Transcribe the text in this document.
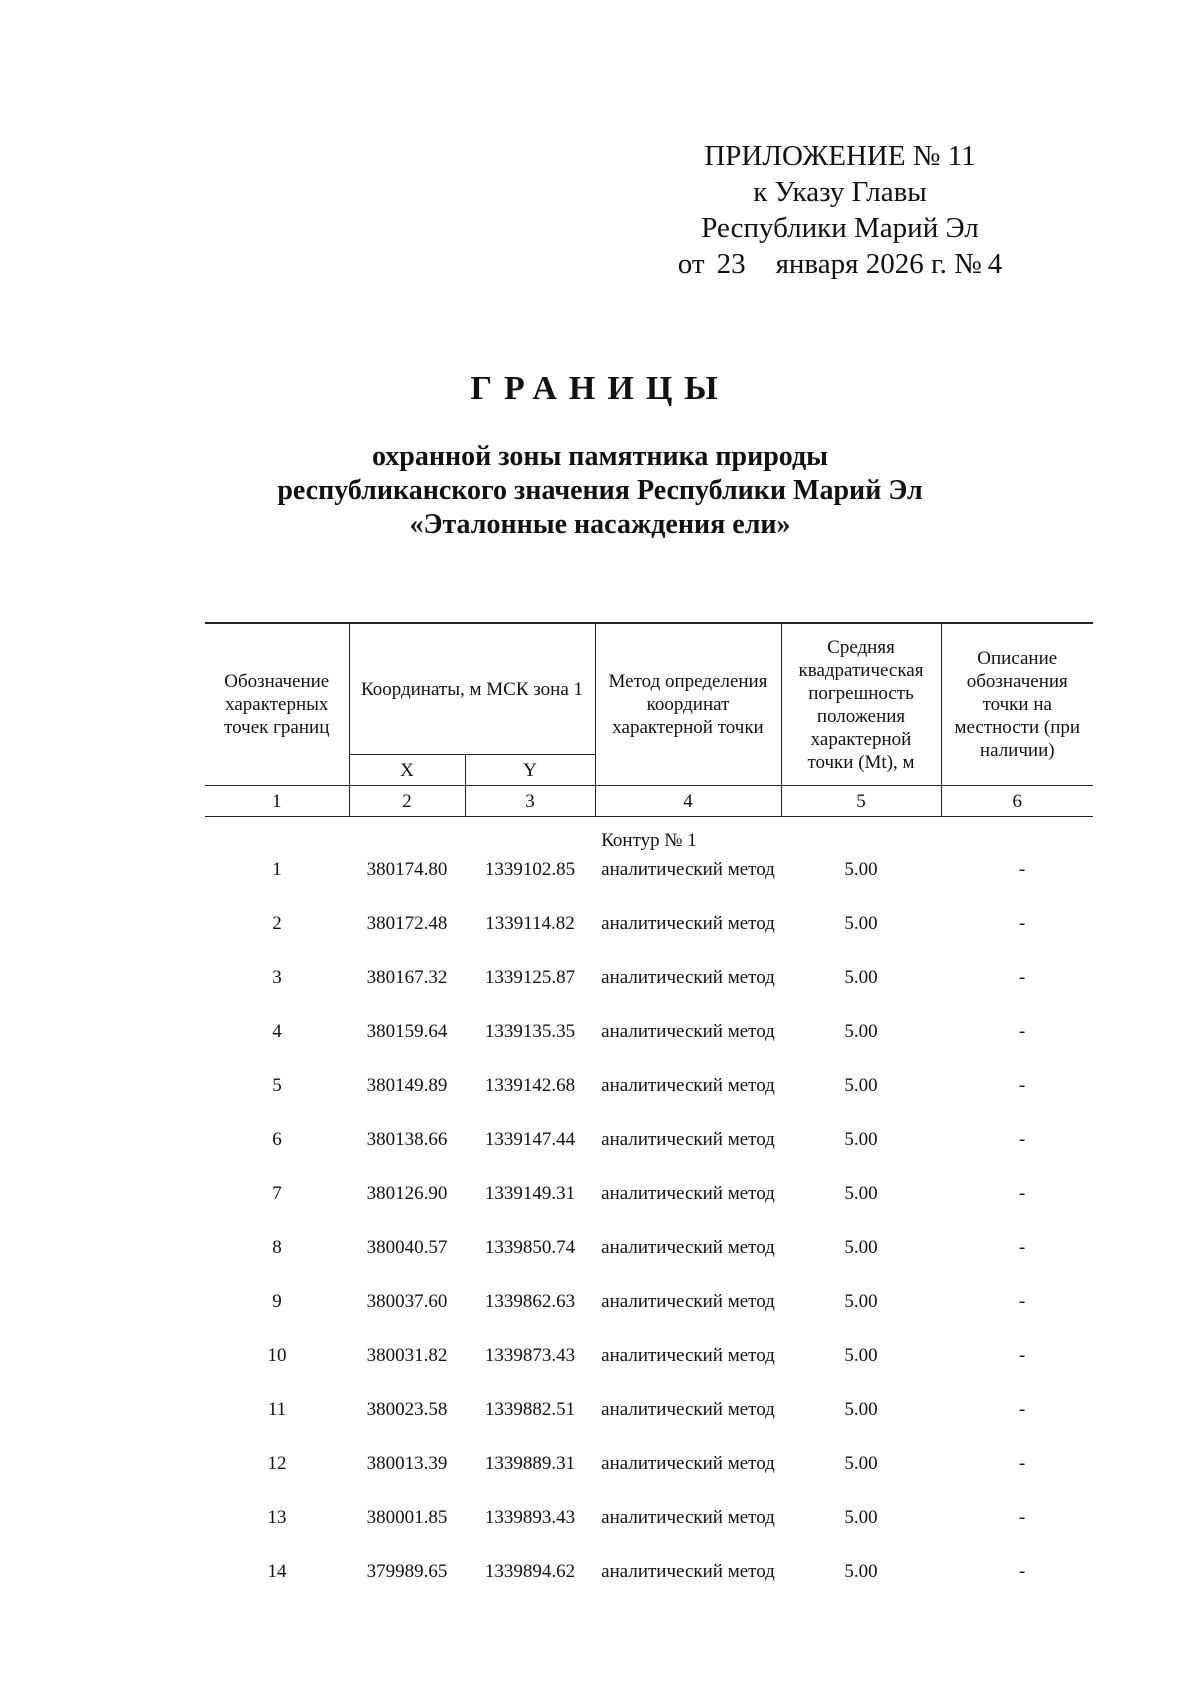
ПРИЛОЖЕНИЕ № 11
к Указу Главы
Республики Марий Эл
от 23 января 2026 г. № 4
ГРАНИЦЫ
охранной зоны памятника природы
республиканского значения Республики Марий Эл
«Эталонные насаждения ели»
Обозначение характерных точек границ	Координаты, м МСК зона 1		Метод определения координат характерной точки	Средняя квадратическая погрешность положения характерной точки (Mt), м	Описание обозначения точки на местности (при наличии)
	X	Y			
1	2	3	4	5	6
Контур № 1					
1	380174.80	1339102.85	аналитический метод	5.00	-
2	380172.48	1339114.82	аналитический метод	5.00	-
3	380167.32	1339125.87	аналитический метод	5.00	-
4	380159.64	1339135.35	аналитический метод	5.00	-
5	380149.89	1339142.68	аналитический метод	5.00	-
6	380138.66	1339147.44	аналитический метод	5.00	-
7	380126.90	1339149.31	аналитический метод	5.00	-
8	380040.57	1339850.74	аналитический метод	5.00	-
9	380037.60	1339862.63	аналитический метод	5.00	-
10	380031.82	1339873.43	аналитический метод	5.00	-
11	380023.58	1339882.51	аналитический метод	5.00	-
12	380013.39	1339889.31	аналитический метод	5.00	-
13	380001.85	1339893.43	аналитический метод	5.00	-
14	379989.65	1339894.62	аналитический метод	5.00	-
